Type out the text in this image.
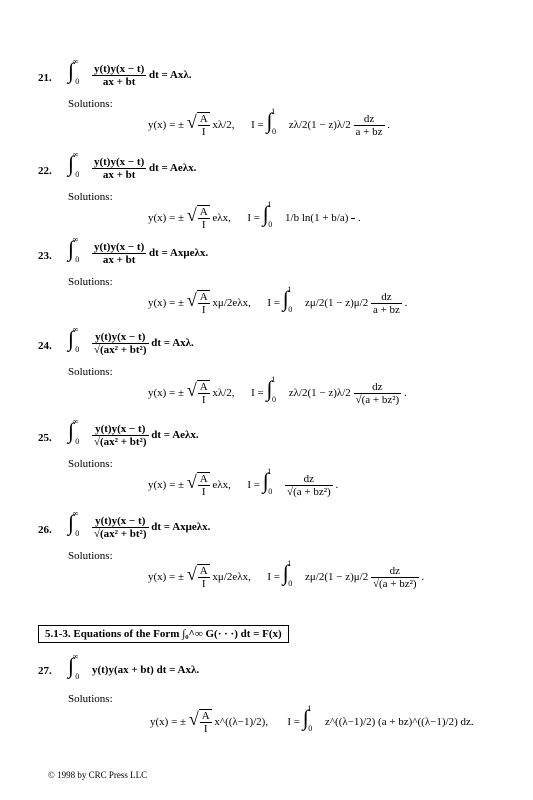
21. ∫ ∞ $_0 \frac{y(t)y(x - t)}{ax + bt}$ dt = Axλ.
Solutions:
y(x) = ± √ $\frac{A}{I} x\lambda/2$, I = ∫ $^1$ $_0$ $z\lambda/2(1 - z)\lambda/2 \frac{dz}{a + bz}$ .
22. ∫ ∞ $_0 \frac{y(t)y(x - t)}{ax + bt}$ dt = Aeλx.
Solutions:
y(x) = ± √ $\frac{A}{I} e\lambda x$, I = ∫ $^1$ $_0$ 1/b ln(1 + b/a) .
23. ∫ ∞ $_0 \frac{y(t)y(x - t)}{ax + bt}$ dt = Axμeλx.
Solutions:
y(x) = ± √ $\frac{A}{I} x\mu/2e\lambda x$, I = ∫ $^1$ $_0$ $z\mu/2(1 - z)\mu/2 \frac{dz}{a + bz}$ .
24. ∫ ∞ $_0 \frac{y(t)y(x - t)}{\text{√(ax² + bt²)}}$ dt = Axλ.
Solutions:
y(x) = ± √ $\frac{A}{I} x\lambda/2$, I = ∫ $^1$ $_0$ $z\lambda/2(1 - z)\lambda/2 \frac{dz}{\text{√(a + bz²)}}$ .
25. ∫ ∞ $_0 \frac{y(t)y(x - t)}{\text{√(ax² + bt²)}}$ dt = Aeλx.
Solutions:
y(x) = ± √ $\frac{A}{I} e\lambda x$, I = ∫ $^1$ $_0 \frac{dz}{\text{√(a + bz²)}}$ .
26. ∫ ∞ $_0 \frac{y(t)y(x - t)}{\text{√(ax² + bt²)}}$ dt = Axμeλx.
Solutions:
y(x) = ± √ $\frac{A}{I} x\mu/2e\lambda x$, I = ∫ $^1$ $_0$ $z\mu/2(1 - z)\mu/2 \frac{dz}{\text{√(a + bz²)}}$ .
5.1-3. Equations of the Form ∫₀^∞ G(· · ·) dt = F(x)
27. ∫ ∞ $_0$ y(t)y(ax + bt) dt = Axλ.
Solutions:
y(x) = ± √ $\frac{A}{I}$ x^((λ−1)/2), I = ∫ $^1$ $_0$ z^((λ−1)/2) (a + bz)^((λ−1)/2) dz.
© 1998 by CRC Press LLC
